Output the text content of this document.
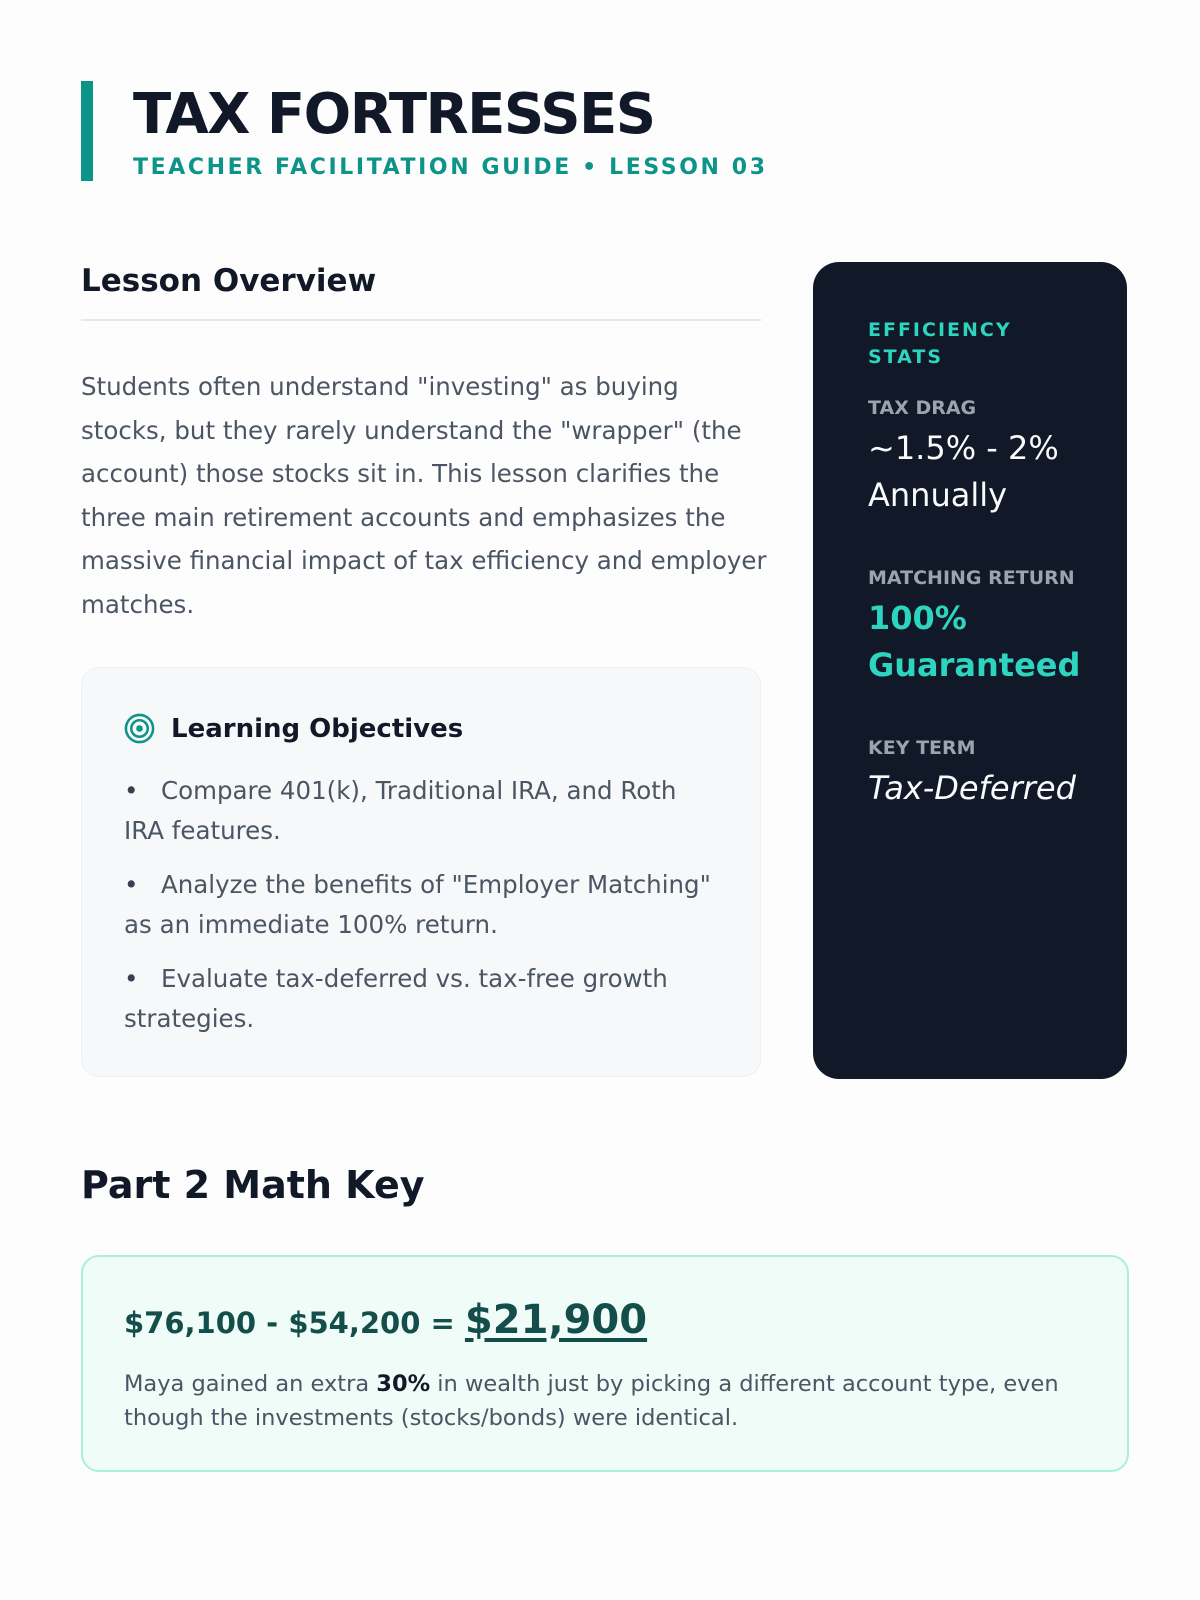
TAX FORTRESSES
TEACHER FACILITATION GUIDE • LESSON 03
Lesson Overview
Students often understand "investing" as buying stocks, but they rarely understand the "wrapper" (the account) those stocks sit in. This lesson clarifies the three main retirement accounts and emphasizes the massive financial impact of tax efficiency and employer matches.
Learning Objectives
• Compare 401(k), Traditional IRA, and Roth IRA features.
• Analyze the benefits of "Employer Matching" as an immediate 100% return.
• Evaluate tax-deferred vs. tax-free growth strategies.
EFFICIENCY STATS
TAX DRAG
~1.5% - 2% Annually
MATCHING RETURN
100% Guaranteed
KEY TERM
Tax-Deferred
Part 2 Math Key
$76,100 - $54,200 = $21,900
Maya gained an extra 30% in wealth just by picking a different account type, even though the investments (stocks/bonds) were identical.
